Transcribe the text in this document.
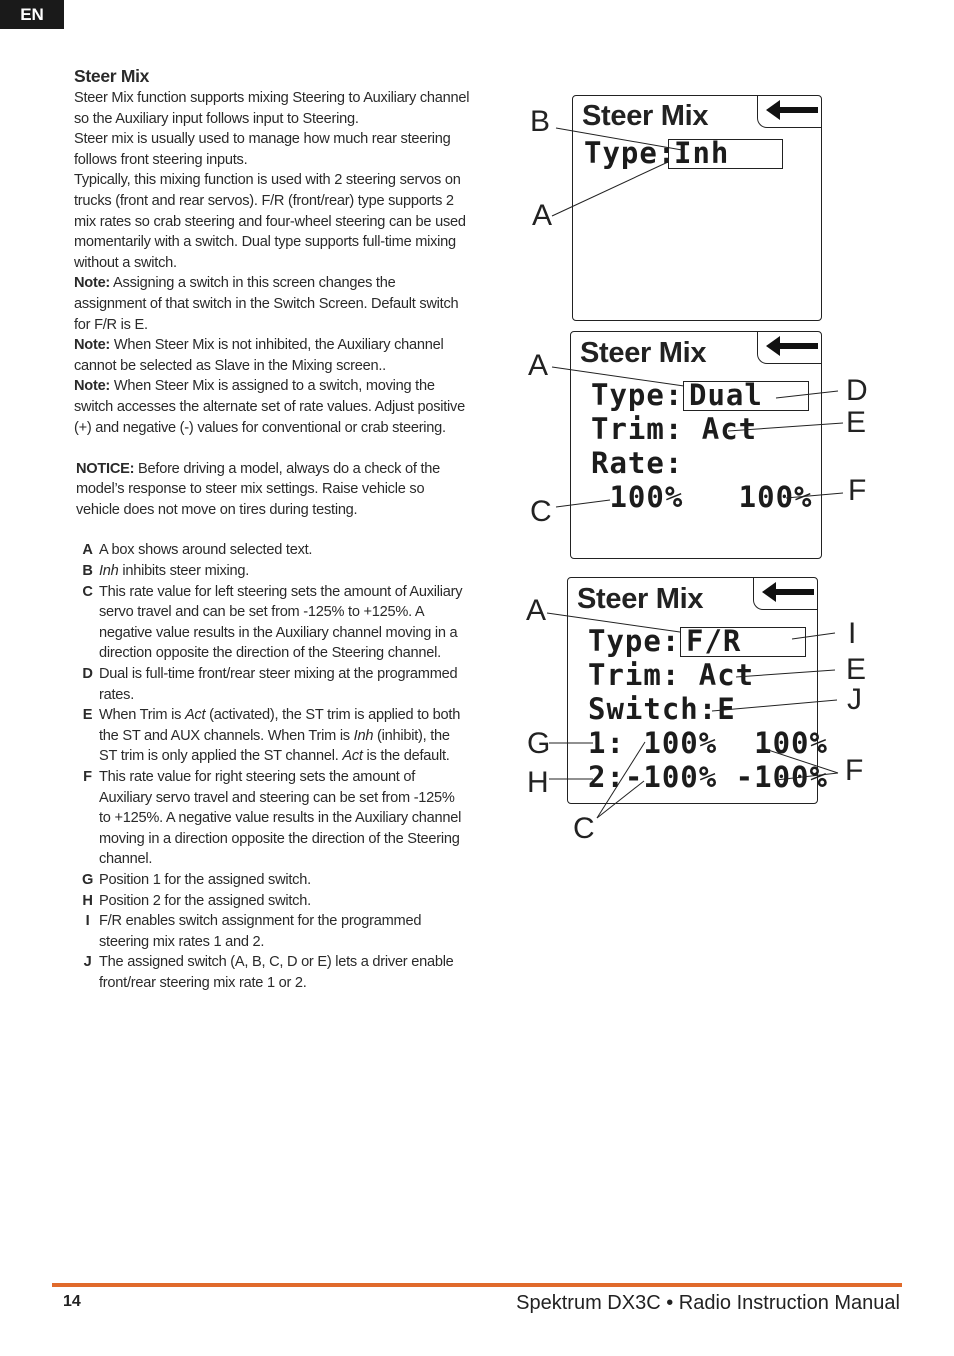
EN

Steer Mix

Steer Mix function supports mixing Steering to Auxiliary channel so the Auxiliary input follows input to Steering.

Steer mix is usually used to manage how much rear steering follows front steering inputs.

Typically, this mixing function is used with 2 steering servos on trucks (front and rear servos). F/R (front/rear) type supports 2 mix rates so crab steering and four-wheel steering can be used momentarily with a switch. Dual type supports full-time mixing without a switch.

Note: Assigning a switch in this screen changes the assignment of that switch in the Switch Screen. Default switch for F/R is E.

Note: When Steer Mix is not inhibited, the Auxiliary channel cannot be selected as Slave in the Mixing screen..

Note: When Steer Mix is assigned to a switch, moving the switch accesses the alternate set of rate values. Adjust positive (+) and negative (-) values for conventional or crab steering.

NOTICE: Before driving a model, always do a check of the model’s response to steer mix settings. Raise vehicle so vehicle does not move on tires during testing.

A A box shows around selected text.
B Inh inhibits steer mixing.
C This rate value for left steering sets the amount of Auxiliary servo travel and can be set from -125% to +125%. A negative value results in the Auxiliary channel moving in a direction opposite the direction of the Steering channel.
D Dual is full-time front/rear steer mixing at the programmed rates.
E When Trim is Act (activated), the ST trim is applied to both the ST and AUX channels. When Trim is Inh (inhibit), the ST trim is only applied the ST channel. Act is the default.
F This rate value for right steering sets the amount of Auxiliary servo travel and steering can be set from -125% to +125%. A negative value results in the Auxiliary channel moving in a direction opposite the direction of the Steering channel.
G Position 1 for the assigned switch.
H Position 2 for the assigned switch.
I F/R enables switch assignment for the programmed steering mix rates 1 and 2.
J The assigned switch (A, B, C, D or E) lets a driver enable front/rear steering mix rate 1 or 2.
Steer Mix
Type:
Inh
Steer Mix
Type: Dual
Trim: Act
Rate:
100%   100%
Steer Mix
Type: F/R
Trim: Act
Switch:E
1: 100%  100%
2:-100% -100%
B
A
A
C
D
E
F
A
G
H
C
I
E
J
F
14	Spektrum DX3C • Radio Instruction Manual
